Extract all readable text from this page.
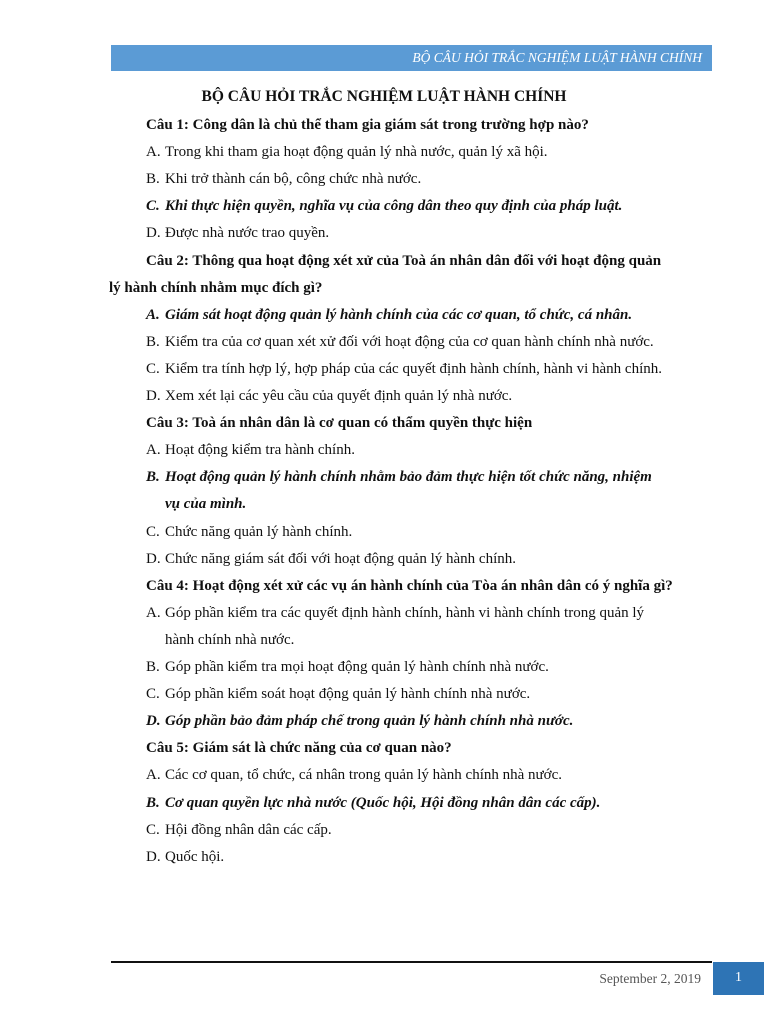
BỘ CÂU HỎI TRẮC NGHIỆM LUẬT HÀNH CHÍNH
BỘ CÂU HỎI TRẮC NGHIỆM LUẬT HÀNH CHÍNH
Câu 1: Công dân là chủ thể tham gia giám sát trong trường hợp nào?
A. Trong khi tham gia hoạt động quản lý nhà nước, quản lý xã hội.
B. Khi trở thành cán bộ, công chức nhà nước.
C. Khi thực hiện quyền, nghĩa vụ của công dân theo quy định của pháp luật.
D. Được nhà nước trao quyền.
Câu 2: Thông qua hoạt động xét xử của Toà án nhân dân đối với hoạt động quản
lý hành chính nhằm mục đích gì?
A. Giám sát hoạt động quản lý hành chính của các cơ quan, tổ chức, cá nhân.
B. Kiểm tra của cơ quan xét xử đối với hoạt động của cơ quan hành chính nhà nước.
C. Kiểm tra tính hợp lý, hợp pháp của các quyết định hành chính, hành vi hành chính.
D. Xem xét lại các yêu cầu của quyết định quản lý nhà nước.
Câu 3: Toà án nhân dân là cơ quan có thẩm quyền thực hiện
A. Hoạt động kiểm tra hành chính.
B. Hoạt động quản lý hành chính nhằm bảo đảm thực hiện tốt chức năng, nhiệm
vụ của mình.
C. Chức năng quản lý hành chính.
D. Chức năng giám sát đối với hoạt động quản lý hành chính.
Câu 4: Hoạt động xét xử các vụ án hành chính của Tòa án nhân dân có ý nghĩa gì?
A. Góp phần kiểm tra các quyết định hành chính, hành vi hành chính trong quản lý
hành chính nhà nước.
B. Góp phần kiểm tra mọi hoạt động quản lý hành chính nhà nước.
C. Góp phần kiểm soát hoạt động quản lý hành chính nhà nước.
D. Góp phần bảo đảm pháp chế trong quản lý hành chính nhà nước.
Câu 5: Giám sát là chức năng của cơ quan nào?
A. Các cơ quan, tổ chức, cá nhân trong quản lý hành chính nhà nước.
B. Cơ quan quyền lực nhà nước (Quốc hội, Hội đồng nhân dân các cấp).
C. Hội đồng nhân dân các cấp.
D. Quốc hội.
September 2, 2019	1
